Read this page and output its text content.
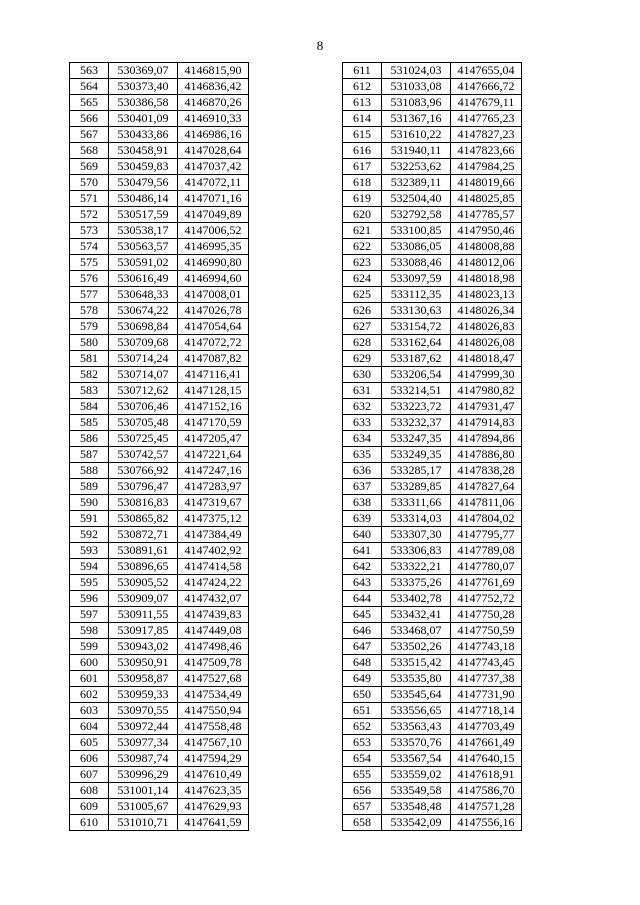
8
563	530369,07	4146815,90
564	530373,40	4146836,42
565	530386,58	4146870,26
566	530401,09	4146910,33
567	530433,86	4146986,16
568	530458,91	4147028,64
569	530459,83	4147037,42
570	530479,56	4147072,11
571	530486,14	4147071,16
572	530517,59	4147049,89
573	530538,17	4147006,52
574	530563,57	4146995,35
575	530591,02	4146990,80
576	530616,49	4146994,60
577	530648,33	4147008,01
578	530674,22	4147026,78
579	530698,84	4147054,64
580	530709,68	4147072,72
581	530714,24	4147087,82
582	530714,07	4147116,41
583	530712,62	4147128,15
584	530706,46	4147152,16
585	530705,48	4147170,59
586	530725,45	4147205,47
587	530742,57	4147221,64
588	530766,92	4147247,16
589	530796,47	4147283,97
590	530816,83	4147319,67
591	530865,82	4147375,12
592	530872,71	4147384,49
593	530891,61	4147402,92
594	530896,65	4147414,58
595	530905,52	4147424,22
596	530909,07	4147432,07
597	530911,55	4147439,83
598	530917,85	4147449,08
599	530943,02	4147498,46
600	530950,91	4147509,78
601	530958,87	4147527,68
602	530959,33	4147534,49
603	530970,55	4147550,94
604	530972,44	4147558,48
605	530977,34	4147567,10
606	530987,74	4147594,29
607	530996,29	4147610,49
608	531001,14	4147623,35
609	531005,67	4147629,93
610	531010,71	4147641,59
611	531024,03	4147655,04
612	531033,08	4147666,72
613	531083,96	4147679,11
614	531367,16	4147765,23
615	531610,22	4147827,23
616	531940,11	4147823,66
617	532253,62	4147984,25
618	532389,11	4148019,66
619	532504,40	4148025,85
620	532792,58	4147785,57
621	533100,85	4147950,46
622	533086,05	4148008,88
623	533088,46	4148012,06
624	533097,59	4148018,98
625	533112,35	4148023,13
626	533130,63	4148026,34
627	533154,72	4148026,83
628	533162,64	4148026,08
629	533187,62	4148018,47
630	533206,54	4147999,30
631	533214,51	4147980,82
632	533223,72	4147931,47
633	533232,37	4147914,83
634	533247,35	4147894,86
635	533249,35	4147886,80
636	533285,17	4147838,28
637	533289,85	4147827,64
638	533311,66	4147811,06
639	533314,03	4147804,02
640	533307,30	4147795,77
641	533306,83	4147789,08
642	533322,21	4147780,07
643	533375,26	4147761,69
644	533402,78	4147752,72
645	533432,41	4147750,28
646	533468,07	4147750,59
647	533502,26	4147743,18
648	533515,42	4147743,45
649	533535,80	4147737,38
650	533545,64	4147731,90
651	533556,65	4147718,14
652	533563,43	4147703,49
653	533570,76	4147661,49
654	533567,54	4147640,15
655	533559,02	4147618,91
656	533549,58	4147586,70
657	533548,48	4147571,28
658	533542,09	4147556,16
